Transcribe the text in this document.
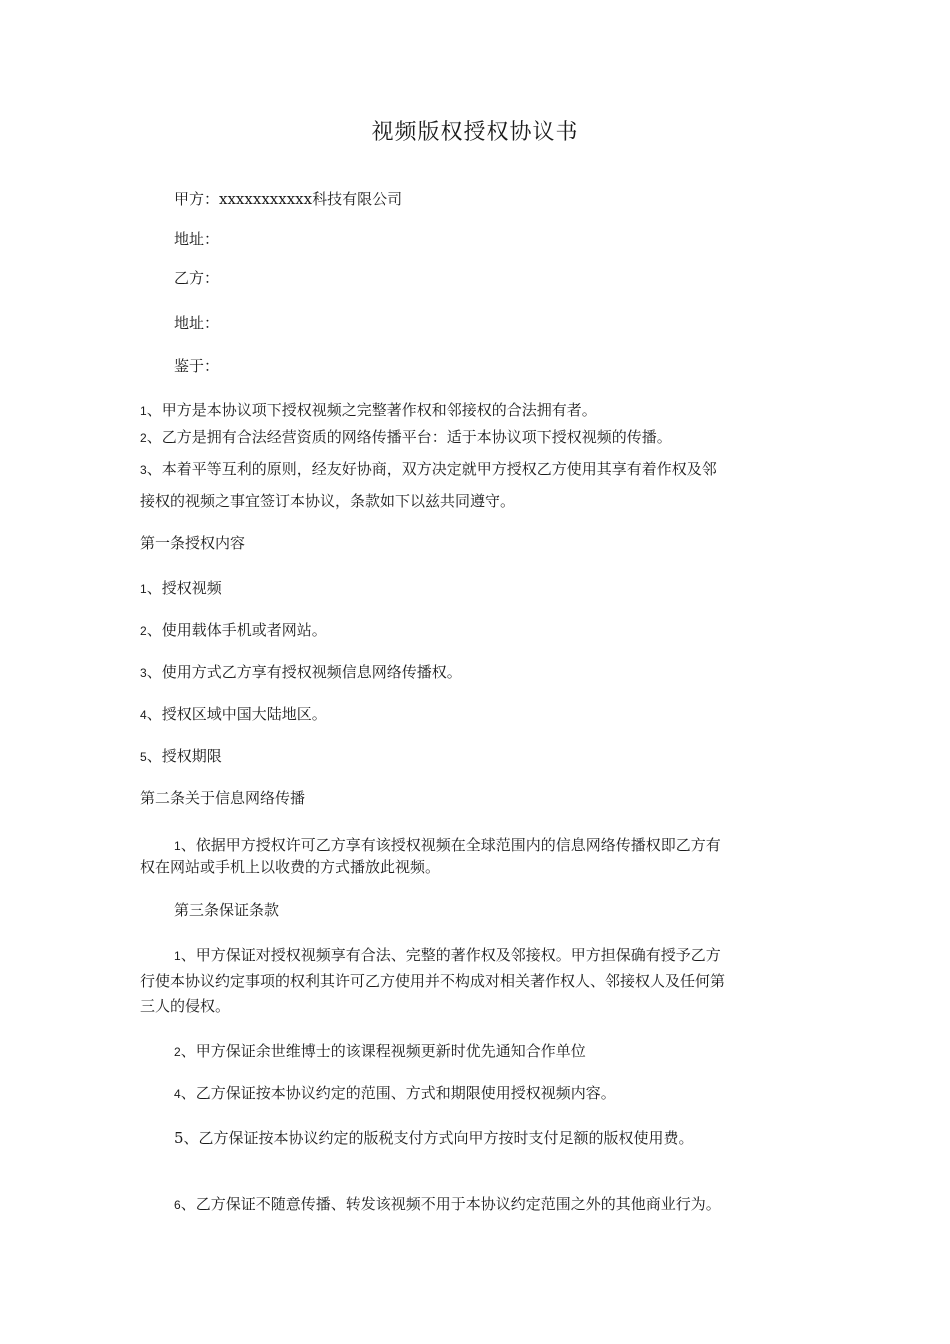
视频版权授权协议书
甲方：xxxxxxxxxxx科技有限公司
地址：
乙方：
地址：
鉴于：
1、甲方是本协议项下授权视频之完整著作权和邻接权的合法拥有者。
2、乙方是拥有合法经营资质的网络传播平台：适于本协议项下授权视频的传播。
3、本着平等互利的原则，经友好协商，双方决定就甲方授权乙方使用其享有着作权及邻
接权的视频之事宜签订本协议，条款如下以兹共同遵守。
第一条授权内容
1、授权视频
2、使用载体手机或者网站。
3、使用方式乙方享有授权视频信息网络传播权。
4、授权区域中国大陆地区。
5、授权期限
第二条关于信息网络传播
1、依据甲方授权许可乙方享有该授权视频在全球范围内的信息网络传播权即乙方有
权在网站或手机上以收费的方式播放此视频。
第三条保证条款
1、甲方保证对授权视频享有合法、完整的著作权及邻接权。甲方担保确有授予乙方
行使本协议约定事项的权利其许可乙方使用并不构成对相关著作权人、邻接权人及任何第
三人的侵权。
2、甲方保证余世维博士的该课程视频更新时优先通知合作单位
4、乙方保证按本协议约定的范围、方式和期限使用授权视频内容。
5、乙方保证按本协议约定的版税支付方式向甲方按时支付足额的版权使用费。
6、乙方保证不随意传播、转发该视频不用于本协议约定范围之外的其他商业行为。
